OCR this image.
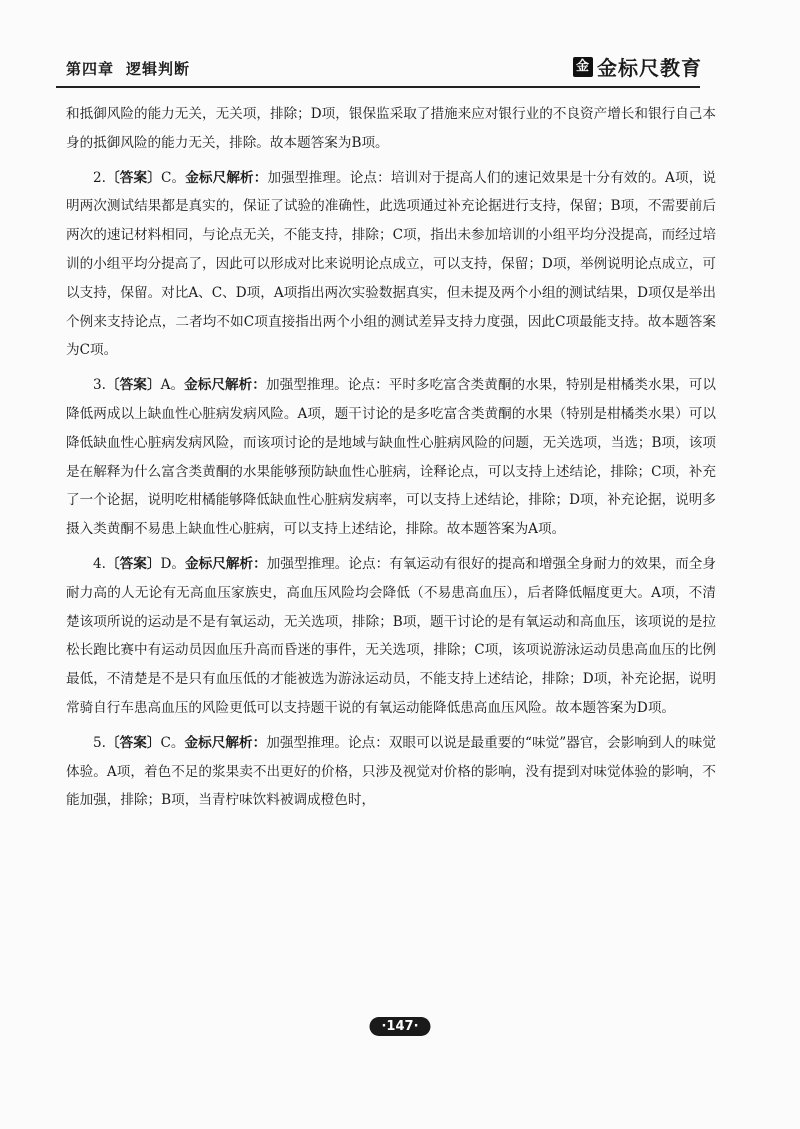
第四章 逻辑判断	金 金标尺教育

和抵御风险的能力无关，无关项，排除；D项，银保监采取了措施来应对银行业的不良资产增长和银行自己本身的抵御风险的能力无关，排除。故本题答案为B项。

2.〔答案〕C。金标尺解析：加强型推理。论点：培训对于提高人们的速记效果是十分有效的。A项，说明两次测试结果都是真实的，保证了试验的准确性，此选项通过补充论据进行支持，保留；B项，不需要前后两次的速记材料相同，与论点无关，不能支持，排除；C项，指出未参加培训的小组平均分没提高，而经过培训的小组平均分提高了，因此可以形成对比来说明论点成立，可以支持，保留；D项，举例说明论点成立，可以支持，保留。对比A、C、D项，A项指出两次实验数据真实，但未提及两个小组的测试结果，D项仅是举出个例来支持论点，二者均不如C项直接指出两个小组的测试差异支持力度强，因此C项最能支持。故本题答案为C项。

3.〔答案〕A。金标尺解析：加强型推理。论点：平时多吃富含类黄酮的水果，特别是柑橘类水果，可以降低两成以上缺血性心脏病发病风险。A项，题干讨论的是多吃富含类黄酮的水果（特别是柑橘类水果）可以降低缺血性心脏病发病风险，而该项讨论的是地域与缺血性心脏病风险的问题，无关选项，当选；B项，该项是在解释为什么富含类黄酮的水果能够预防缺血性心脏病，诠释论点，可以支持上述结论，排除；C项，补充了一个论据，说明吃柑橘能够降低缺血性心脏病发病率，可以支持上述结论，排除；D项，补充论据，说明多摄入类黄酮不易患上缺血性心脏病，可以支持上述结论，排除。故本题答案为A项。

4.〔答案〕D。金标尺解析：加强型推理。论点：有氧运动有很好的提高和增强全身耐力的效果，而全身耐力高的人无论有无高血压家族史，高血压风险均会降低（不易患高血压），后者降低幅度更大。A项，不清楚该项所说的运动是不是有氧运动，无关选项，排除；B项，题干讨论的是有氧运动和高血压，该项说的是拉松长跑比赛中有运动员因血压升高而昏迷的事件，无关选项，排除；C项，该项说游泳运动员患高血压的比例最低，不清楚是不是只有血压低的才能被选为游泳运动员，不能支持上述结论，排除；D项，补充论据，说明常骑自行车患高血压的风险更低可以支持题干说的有氧运动能降低患高血压风险。故本题答案为D项。

5.〔答案〕C。金标尺解析：加强型推理。论点：双眼可以说是最重要的“味觉”器官，会影响到人的味觉体验。A项，着色不足的浆果卖不出更好的价格，只涉及视觉对价格的影响，没有提到对味觉体验的影响，不能加强，排除；B项，当青柠味饮料被调成橙色时，

·147·
